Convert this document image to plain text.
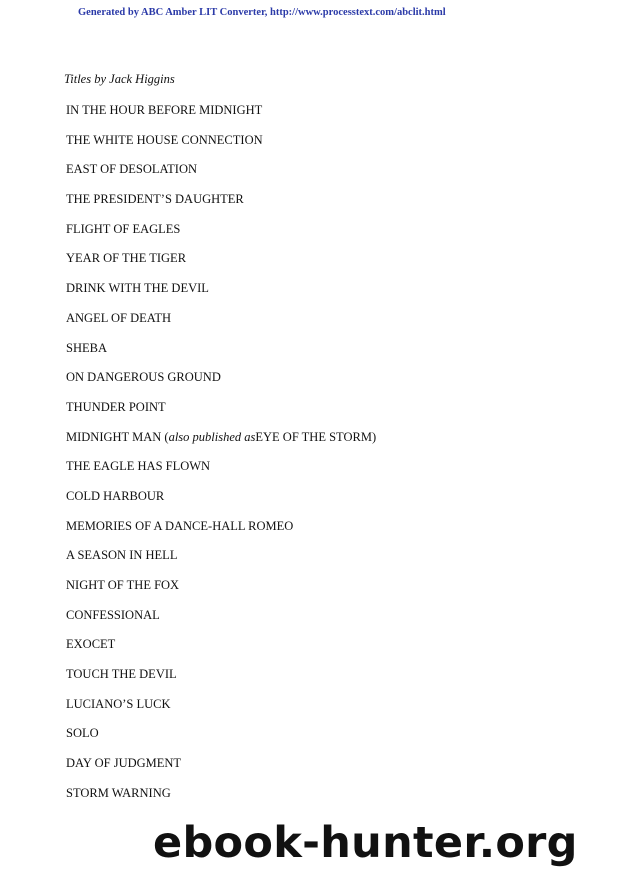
Generated by ABC Amber LIT Converter, http://www.processtext.com/abclit.html
Titles by Jack Higgins
IN THE HOUR BEFORE MIDNIGHT
THE WHITE HOUSE CONNECTION
EAST OF DESOLATION
THE PRESIDENT’S DAUGHTER
FLIGHT OF EAGLES
YEAR OF THE TIGER
DRINK WITH THE DEVIL
ANGEL OF DEATH
SHEBA
ON DANGEROUS GROUND
THUNDER POINT
MIDNIGHT MAN (also published asEYE OF THE STORM)
THE EAGLE HAS FLOWN
COLD HARBOUR
MEMORIES OF A DANCE-HALL ROMEO
A SEASON IN HELL
NIGHT OF THE FOX
CONFESSIONAL
EXOCET
TOUCH THE DEVIL
LUCIANO’S LUCK
SOLO
DAY OF JUDGMENT
STORM WARNING
ebook-hunter.org
